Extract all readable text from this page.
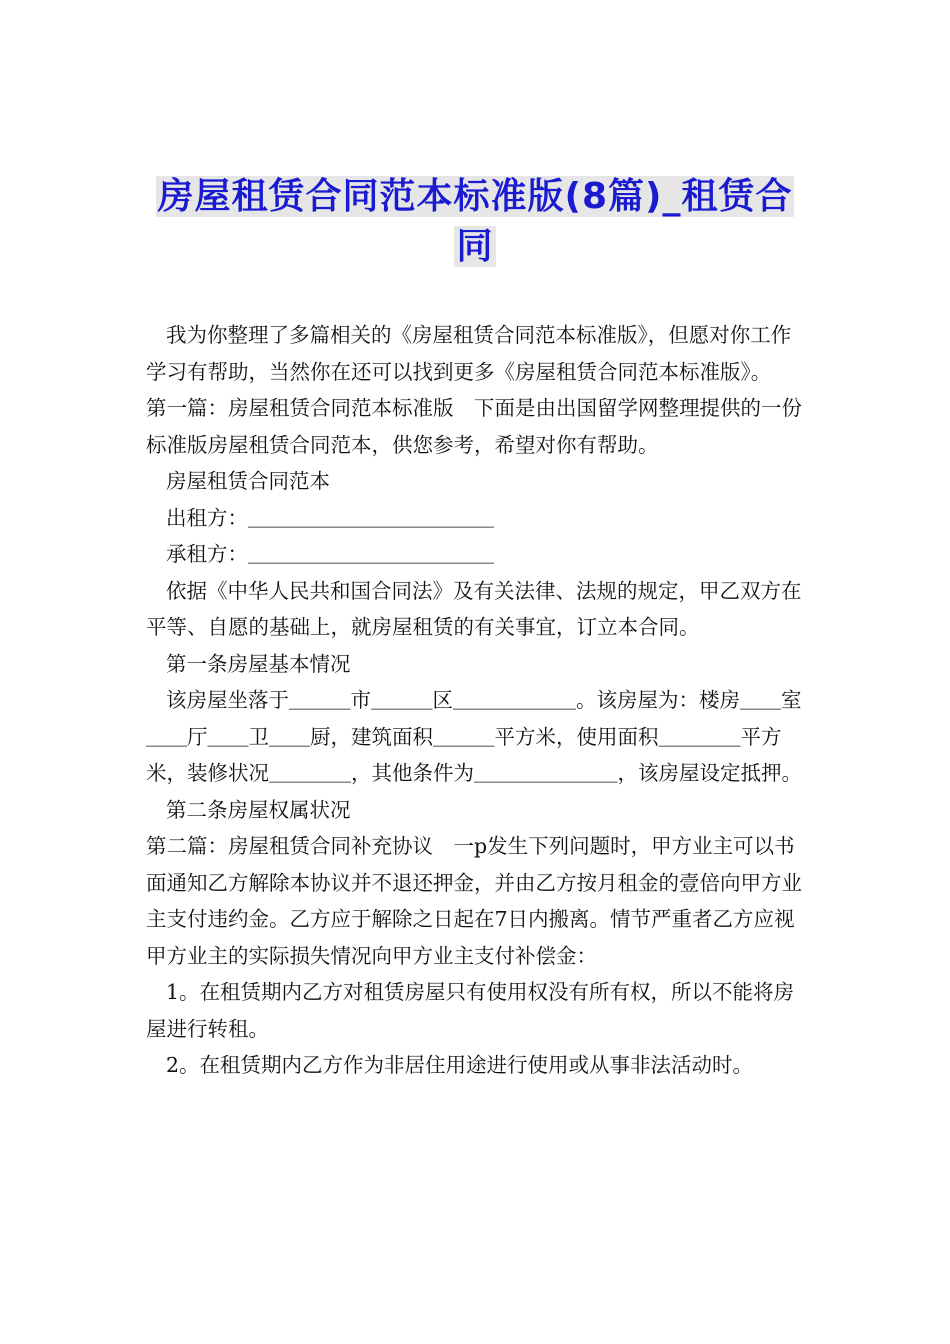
房屋租赁合同范本标准版(8篇)_租赁合
同

我为你整理了多篇相关的《房屋租赁合同范本标准版》，但愿对你工作学习有帮助，当然你在还可以找到更多《房屋租赁合同范本标准版》。

第一篇：房屋租赁合同范本标准版　下面是由出国留学网整理提供的一份标准版房屋租赁合同范本，供您参考，希望对你有帮助。

房屋租赁合同范本

出租方：＿＿＿＿＿＿＿＿＿＿＿＿

承租方：＿＿＿＿＿＿＿＿＿＿＿＿

依据《中华人民共和国合同法》及有关法律、法规的规定，甲乙双方在平等、自愿的基础上，就房屋租赁的有关事宜，订立本合同。

第一条房屋基本情况

该房屋坐落于＿＿＿市＿＿＿区＿＿＿＿＿＿。该房屋为：楼房＿＿室＿＿厅＿＿卫＿＿厨，建筑面积＿＿＿平方米，使用面积＿＿＿＿平方米，装修状况＿＿＿＿，其他条件为＿＿＿＿＿＿＿，该房屋设定抵押。

第二条房屋权属状况

第二篇：房屋租赁合同补充协议　一p发生下列问题时，甲方业主可以书面通知乙方解除本协议并不退还押金，并由乙方按月租金的壹倍向甲方业主支付违约金。乙方应于解除之日起在7日内搬离。情节严重者乙方应视甲方业主的实际损失情况向甲方业主支付补偿金：

1。在租赁期内乙方对租赁房屋只有使用权没有所有权，所以不能将房屋进行转租。

2。在租赁期内乙方作为非居住用途进行使用或从事非法活动时。
